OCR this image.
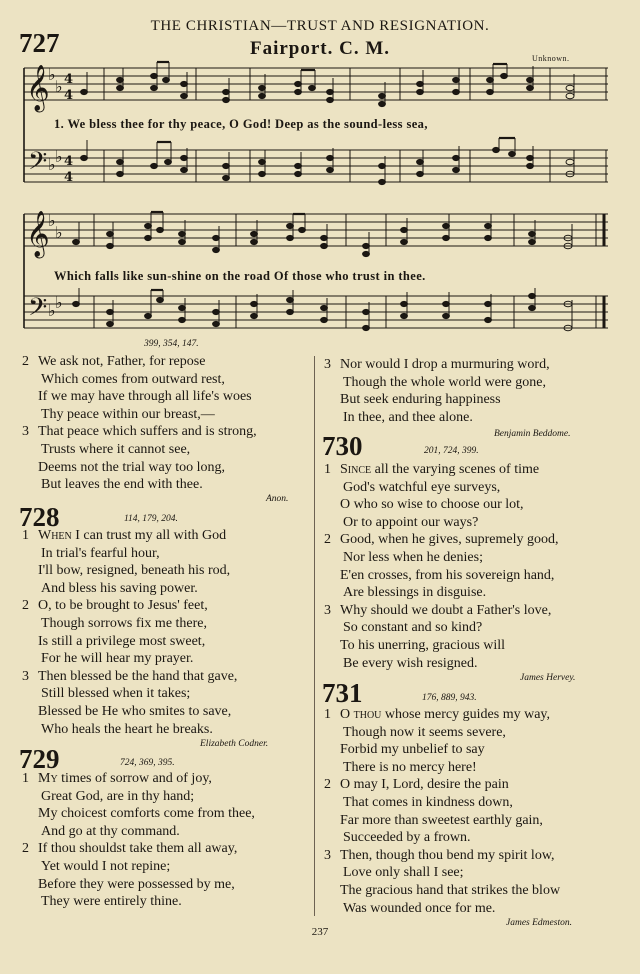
THE CHRISTIAN—TRUST AND RESIGNATION.
727	Fairport. C. M.	Unknown.
𝄞
𝄢
𝄞
𝄢
♭
♭
♭ ♭
♭
♭
♭ ♭
4
4
4
4
1. We bless thee for thy peace, O God! Deep as the sound-less sea,
Which falls like sun-shine on the road Of those who trust in thee.
399, 354, 147.
2 We ask not, Father, for repose
Which comes from outward rest,
If we may have through all life's woes
Thy peace within our breast,—
3 That peace which suffers and is strong,
Trusts where it cannot see,
Deems not the trial way too long,
But leaves the end with thee.
Anon.
728	114, 179, 204.
1 When I can trust my all with God
In trial's fearful hour,
I'll bow, resigned, beneath his rod,
And bless his saving power.
2 O, to be brought to Jesus' feet,
Though sorrows fix me there,
Is still a privilege most sweet,
For he will hear my prayer.
3 Then blessed be the hand that gave,
Still blessed when it takes;
Blessed be He who smites to save,
Who heals the heart he breaks.
Elizabeth Codner.
729	724, 369, 395.
1 My times of sorrow and of joy,
Great God, are in thy hand;
My choicest comforts come from thee,
And go at thy command.
2 If thou shouldst take them all away,
Yet would I not repine;
Before they were possessed by me,
They were entirely thine.
3 Nor would I drop a murmuring word,
Though the whole world were gone,
But seek enduring happiness
In thee, and thee alone.
Benjamin Beddome.
730	201, 724, 399.
1 Since all the varying scenes of time
God's watchful eye surveys,
O who so wise to choose our lot,
Or to appoint our ways?
2 Good, when he gives, supremely good,
Nor less when he denies;
E'en crosses, from his sovereign hand,
Are blessings in disguise.
3 Why should we doubt a Father's love,
So constant and so kind?
To his unerring, gracious will
Be every wish resigned.
James Hervey.
731	176, 889, 943.
1 O thou whose mercy guides my way,
Though now it seems severe,
Forbid my unbelief to say
There is no mercy here!
2 O may I, Lord, desire the pain
That comes in kindness down,
Far more than sweetest earthly gain,
Succeeded by a frown.
3 Then, though thou bend my spirit low,
Love only shall I see;
The gracious hand that strikes the blow
Was wounded once for me.
James Edmeston.
237
